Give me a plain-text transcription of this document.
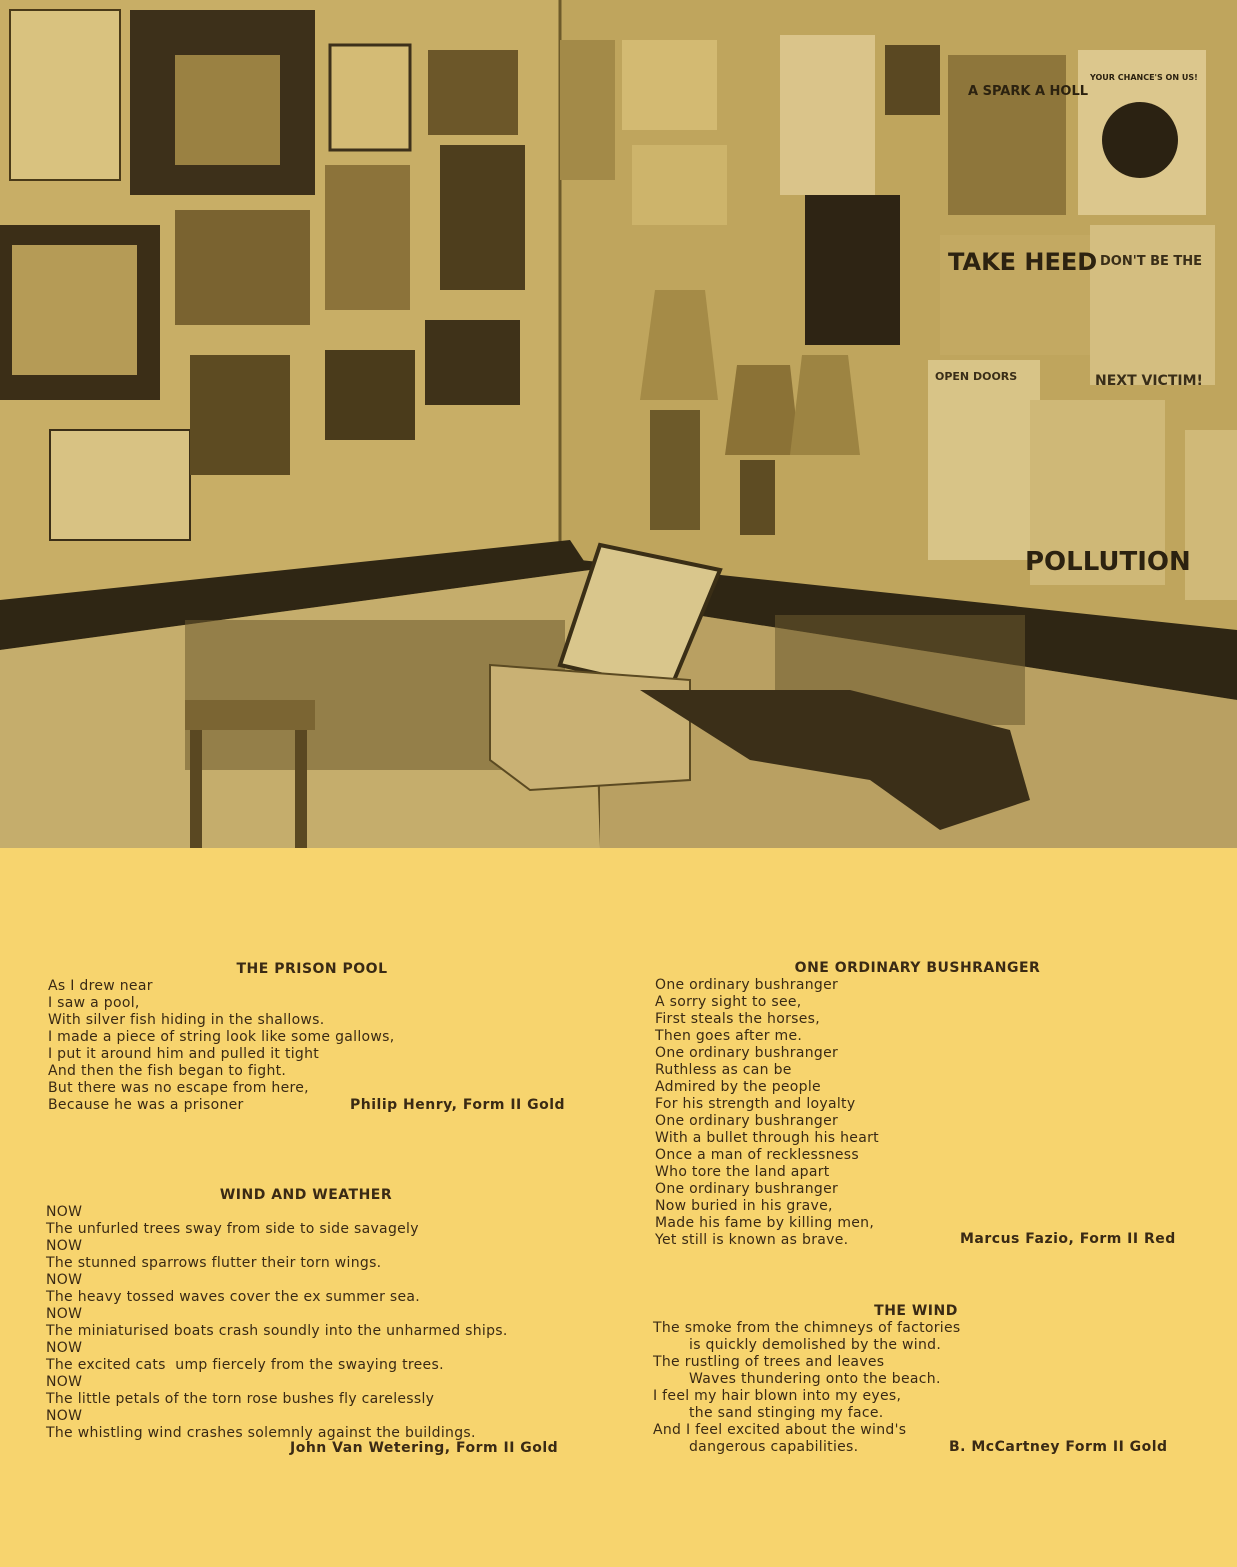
A SPARK A HOLL
YOUR CHANCE'S ON US!
TAKE HEED DON'T BE THE
NEXT VICTIM!
OPEN DOORS
POLLUTION
THE PRISON POOL

As I drew near

I saw a pool,

With silver fish hiding in the shallows.

I made a piece of string look like some gallows,

I put it around him and pulled it tight

And then the fish began to fight.

But there was no escape from here,

Because he was a prisoner	Philip Henry, Form II Gold
WIND AND WEATHER

NOW

The unfurled trees sway from side to side savagely

NOW

The stunned sparrows flutter their torn wings.

NOW

The heavy tossed waves cover the ex summer sea.

NOW

The miniaturised boats crash soundly into the unharmed ships.

NOW

The excited cats  ump fiercely from the swaying trees.

NOW

The little petals of the torn rose bushes fly carelessly

NOW

The whistling wind crashes solemnly against the buildings.

John Van Wetering, Form II Gold
ONE ORDINARY BUSHRANGER

One ordinary bushranger

A sorry sight to see,

First steals the horses,

Then goes after me.

One ordinary bushranger

Ruthless as can be

Admired by the people

For his strength and loyalty

One ordinary bushranger

With a bullet through his heart

Once a man of recklessness

Who tore the land apart

One ordinary bushranger

Now buried in his grave,

Made his fame by killing men,

Yet still is known as brave.	Marcus Fazio, Form II Red
THE WIND

The smoke from the chimneys of factories

is quickly demolished by the wind.

The rustling of trees and leaves

Waves thundering onto the beach.

I feel my hair blown into my eyes,

the sand stinging my face.

And I feel excited about the wind's

dangerous capabilities.	B. McCartney Form II Gold
